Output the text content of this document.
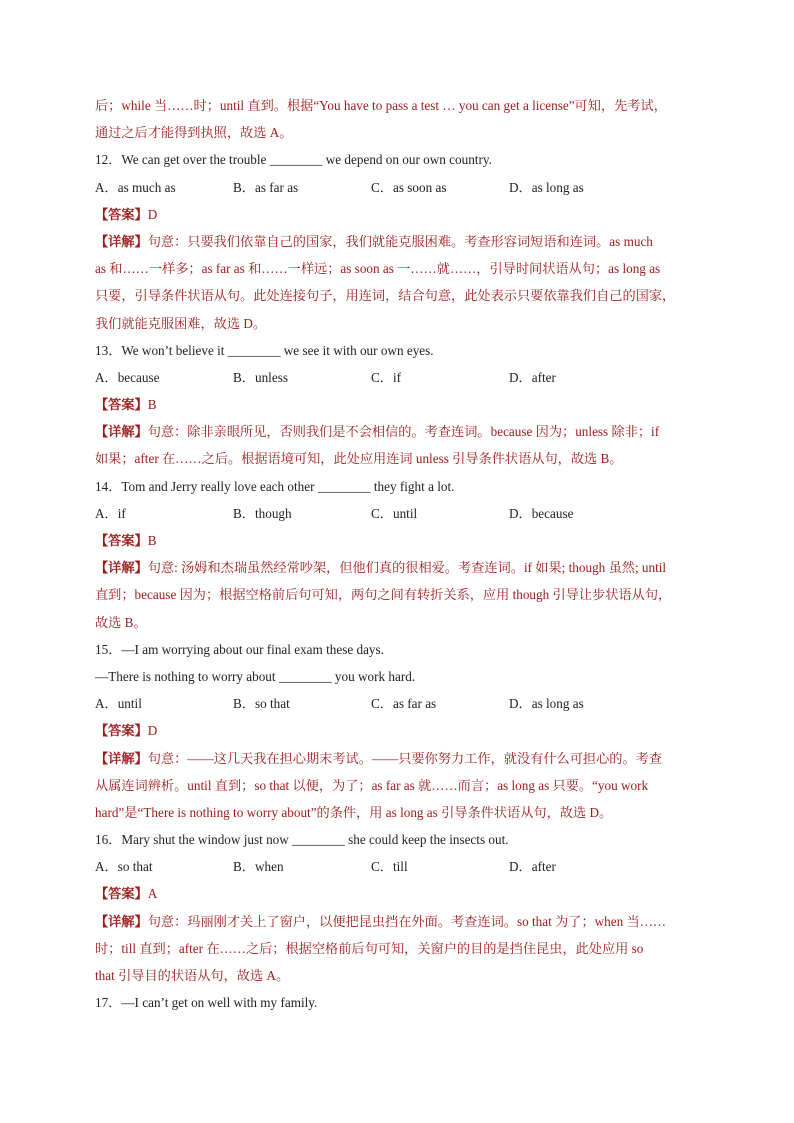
后；while 当……时；until 直到。根据“You have to pass a test … you can get a license”可知，先考试，
通过之后才能得到执照，故选 A。
12．We can get over the trouble ________ we depend on our own country.
A．as much as	B．as far as	C．as soon as	D．as long as
【答案】D
【详解】句意：只要我们依靠自己的国家，我们就能克服困难。考查形容词短语和连词。as much
as 和……一样多；as far as 和……一样远；as soon as 一……就……，引导时间状语从句；as long as
只要，引导条件状语从句。此处连接句子，用连词，结合句意，此处表示只要依靠我们自己的国家，
我们就能克服困难，故选 D。
13．We won’t believe it ________ we see it with our own eyes.
A．because	B．unless	C．if	D．after
【答案】B
【详解】句意：除非亲眼所见，否则我们是不会相信的。考查连词。because 因为；unless 除非；if
如果；after 在……之后。根据语境可知，此处应用连词 unless 引导条件状语从句，故选 B。
14．Tom and Jerry really love each other ________ they fight a lot.
A．if	B．though	C．until	D．because
【答案】B
【详解】句意: 汤姆和杰瑞虽然经常吵架，但他们真的很相爱。考查连词。if 如果; though 虽然; until
直到；because 因为；根据空格前后句可知，两句之间有转折关系，应用 though 引导让步状语从句，
故选 B。
15．—I am worrying about our final exam these days.
—There is nothing to worry about ________ you work hard.
A．until	B．so that	C．as far as	D．as long as
【答案】D
【详解】句意：——这几天我在担心期末考试。——只要你努力工作，就没有什么可担心的。考查
从属连词辨析。until 直到；so that 以便，为了；as far as 就……而言；as long as 只要。“you work
hard”是“There is nothing to worry about”的条件，用 as long as 引导条件状语从句，故选 D。
16．Mary shut the window just now ________ she could keep the insects out.
A．so that	B．when	C．till	D．after
【答案】A
【详解】句意：玛丽刚才关上了窗户，以便把昆虫挡在外面。考查连词。so that 为了；when 当……
时；till 直到；after 在……之后；根据空格前后句可知，关窗户的目的是挡住昆虫，此处应用 so
that 引导目的状语从句，故选 A。
17．—I can’t get on well with my family.
